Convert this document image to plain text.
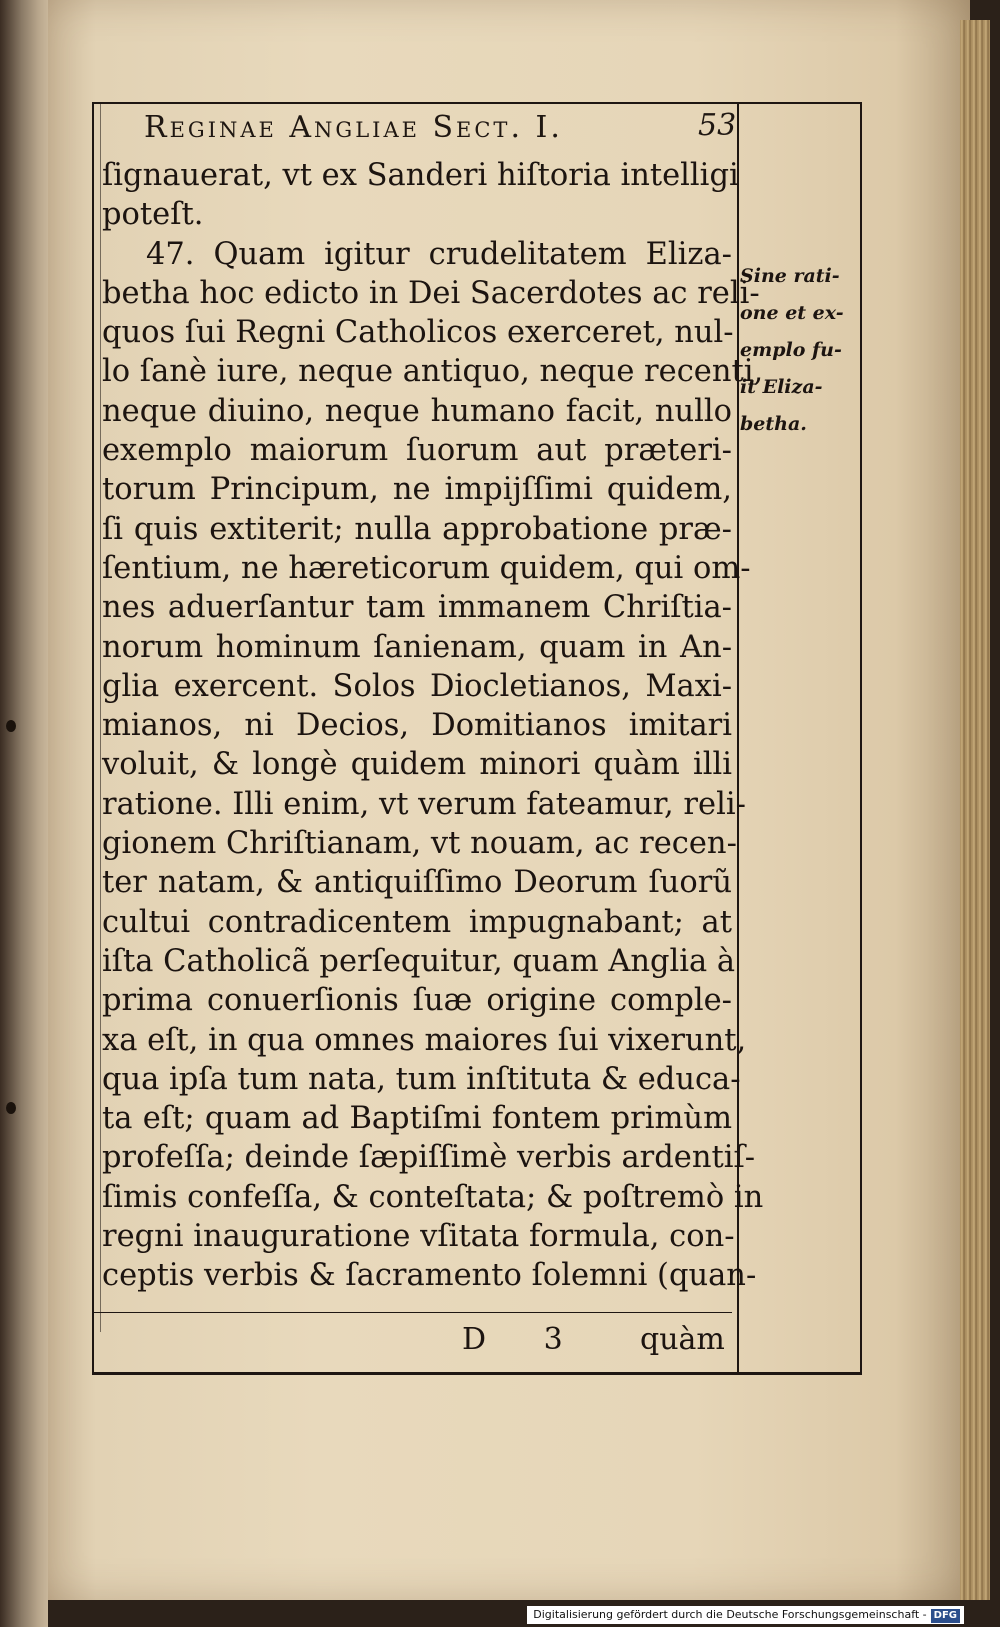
Reginae Angliae Sect. I.	53
ſignauerat, vt ex Sanderi hiſtoria intelligi
poteſt.
47. Quam igitur crudelitatem Eliza-
betha hoc edicto in Dei Sacerdotes ac reli-
quos ſui Regni Catholicos exerceret, nul-
lo ſanè iure, neque antiquo, neque recenti,
neque diuino, neque humano facit, nullo
exemplo maiorum ſuorum aut præteri-
torum Principum, ne impijſſimi quidem,
ſi quis extiterit; nulla approbatione præ-
ſentium, ne hæreticorum quidem, qui om-
nes aduerſantur tam immanem Chriſtia-
norum hominum ſanienam, quam in An-
glia exercent. Solos Diocletianos, Maxi-
mianos, ni Decios, Domitianos imitari
voluit, & longè quidem minori quàm illi
ratione. Illi enim, vt verum fateamur, reli-
gionem Chriſtianam, vt nouam, ac recen-
ter natam, & antiquiſſimo Deorum ſuorũ
cultui contradicentem impugnabant; at
iſta Catholicã perſequitur, quam Anglia à
prima conuerſionis ſuæ origine comple-
xa eſt, in qua omnes maiores ſui vixerunt,
qua ipſa tum nata, tum inſtituta & educa-
ta eſt; quam ad Baptiſmi fontem primùm
profeſſa; deinde ſæpiſſimè verbis ardentiſ-
ſimis confeſſa, & conteſtata; & poſtremò in
regni inauguratione vſitata formula, con-
ceptis verbis & ſacramento ſolemni (quan-
Sine rati-
one et ex-
emplo fu-
it Eliza-
betha.
D 3 quàm
Digitalisierung gefördert durch die Deutsche Forschungsgemeinschaft - DFG
